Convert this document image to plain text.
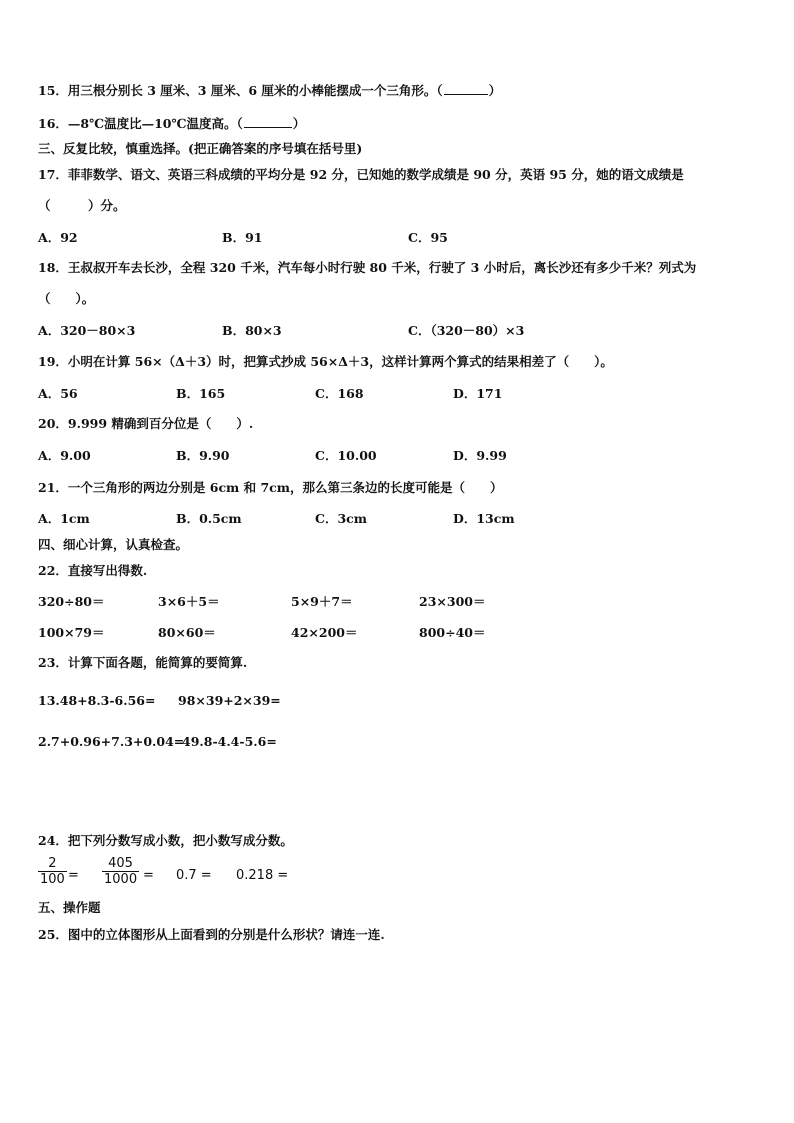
15．用三根分别长 3 厘米、3 厘米、6 厘米的小棒能摆成一个三角形。（	）
16．—8℃温度比—10℃温度高。（	）
三、反复比较，慎重选择。(把正确答案的序号填在括号里)
17．菲菲数学、语文、英语三科成绩的平均分是 92 分，已知她的数学成绩是 90 分，英语 95 分，她的语文成绩是
（　　　）分。
A．92	B．91	C．95
18．王叔叔开车去长沙，全程 320 千米，汽车每小时行驶 80 千米，行驶了 3 小时后，离长沙还有多少千米？列式为
（　　）。
A．320－80×3	B．80×3	C．（320－80）×3
19．小明在计算 56×（Δ＋3）时，把算式抄成 56×Δ＋3，这样计算两个算式的结果相差了（　　）。
A．56	B．165	C．168	D．171
20．9.999 精确到百分位是（　　）.
A．9.00	B．9.90	C．10.00	D．9.99
21．一个三角形的两边分别是 6cm 和 7cm，那么第三条边的长度可能是（　　）
A．1cm	B．0.5cm	C．3cm	D．13cm
四、细心计算，认真检查。
22．直接写出得数.
320÷80＝	3×6＋5＝	5×9＋7＝	23×300＝
100×79＝	80×60＝	42×200＝	800÷40＝
23．计算下面各题，能简算的要简算.
13.48+8.3-6.56= 98×39+2×39=
2.7+0.96+7.3+0.04=
49.8-4.4-5.6=
24．把下列分数写成小数，把小数写成分数。
2
100 =
405
1000 = 0.7 = 0.218 =
五、操作题
25．图中的立体图形从上面看到的分别是什么形状？请连一连.
